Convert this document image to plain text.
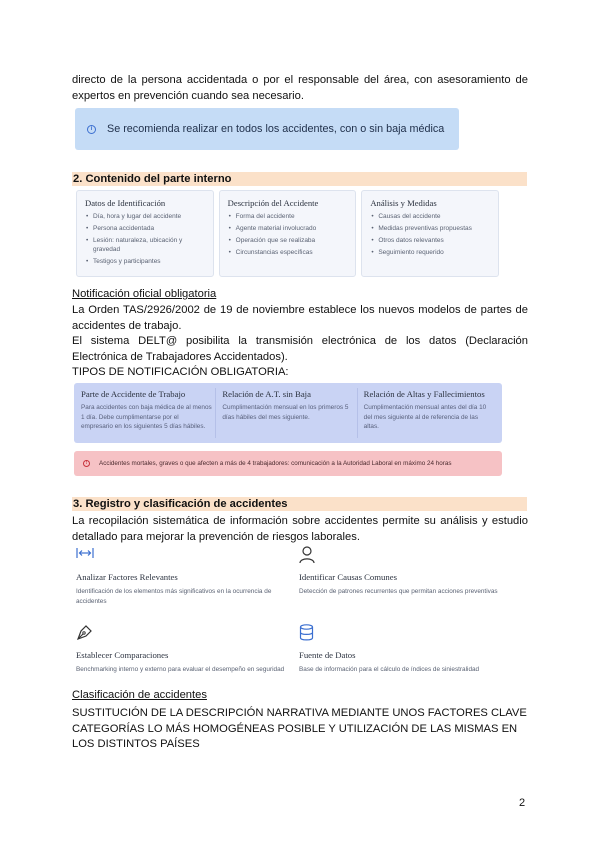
directo de la persona accidentada o por el responsable del área, con asesoramiento de expertos en prevención cuando sea necesario.

i	Se recomienda realizar en todos los accidentes, con o sin baja médica
2. Contenido del parte interno
Datos de Identificación
• Día, hora y lugar del accidente
• Persona accidentada
• Lesión: naturaleza, ubicación y gravedad
• Testigos y participantes
Descripción del Accidente
• Forma del accidente
• Agente material involucrado
• Operación que se realizaba
• Circunstancias específicas
Análisis y Medidas
• Causas del accidente
• Medidas preventivas propuestas
• Otros datos relevantes
• Seguimiento requerido
Notificación oficial obligatoria
La Orden TAS/2926/2002 de 19 de noviembre establece los nuevos modelos de partes de accidentes de trabajo.
El sistema DELT@ posibilita la transmisión electrónica de los datos (Declaración Electrónica de Trabajadores Accidentados).
TIPOS DE NOTIFICACIÓN OBLIGATORIA:
Parte de Accidente de Trabajo
Para accidentes con baja médica de al menos 1 día. Debe cumplimentarse por el empresario en los siguientes 5 días hábiles.
Relación de A.T. sin Baja
Cumplimentación mensual en los primeros 5 días hábiles del mes siguiente.
Relación de Altas y Fallecimientos
Cumplimentación mensual antes del día 10 del mes siguiente al de referencia de las altas.
!	Accidentes mortales, graves o que afecten a más de 4 trabajadores: comunicación a la Autoridad Laboral en máximo 24 horas
3. Registro y clasificación de accidentes

La recopilación sistemática de información sobre accidentes permite su análisis y estudio detallado para mejorar la prevención de riesgos laborales.

Analizar Factores Relevantes
Identificación de los elementos más significativos en la ocurrencia de accidentes
Identificar Causas Comunes
Detección de patrones recurrentes que permitan acciones preventivas
Establecer Comparaciones
Benchmarking interno y externo para evaluar el desempeño en seguridad
Fuente de Datos
Base de información para el cálculo de índices de siniestralidad
Clasificación de accidentes

SUSTITUCIÓN DE LA DESCRIPCIÓN NARRATIVA MEDIANTE UNOS FACTORES CLAVE CATEGORÍAS LO MÁS HOMOGÉNEAS POSIBLE Y UTILIZACIÓN DE LAS MISMAS EN LOS DISTINTOS PAÍSES

2
